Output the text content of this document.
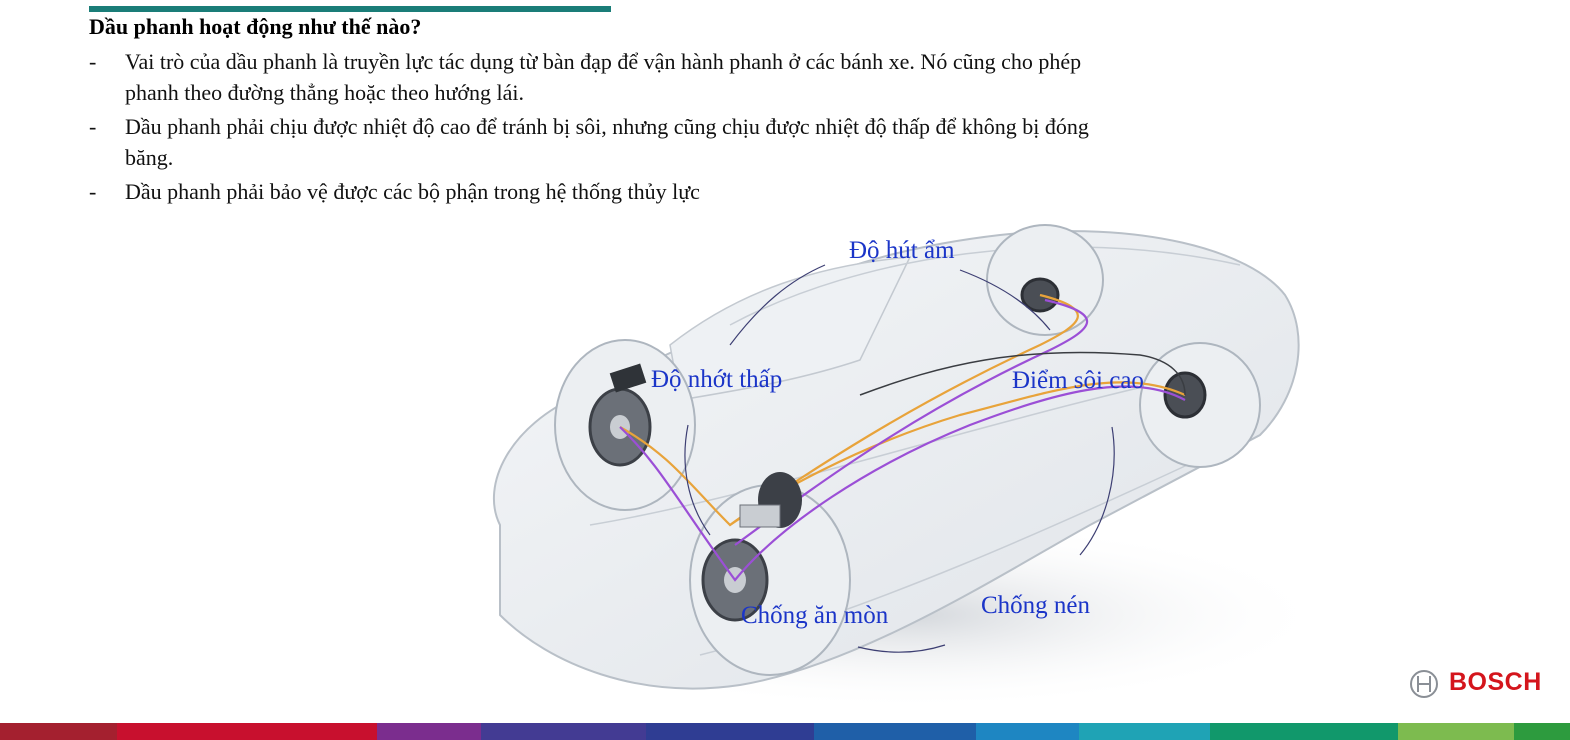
Dầu phanh hoạt động như thế nào?
-	Vai trò của dầu phanh là truyền lực tác dụng từ bàn đạp để vận hành phanh ở các bánh xe. Nó cũng cho phép phanh theo đường thẳng hoặc theo hướng lái.
-	Dầu phanh phải chịu được nhiệt độ cao để tránh bị sôi, nhưng cũng chịu được nhiệt độ thấp để không bị đóng băng.
-	Dầu phanh phải bảo vệ được các bộ phận trong hệ thống thủy lực

Độ hút ẩm

Độ nhớt thấp	Điểm sôi cao

Chống ăn mòn	Chống nén

BOSCH
